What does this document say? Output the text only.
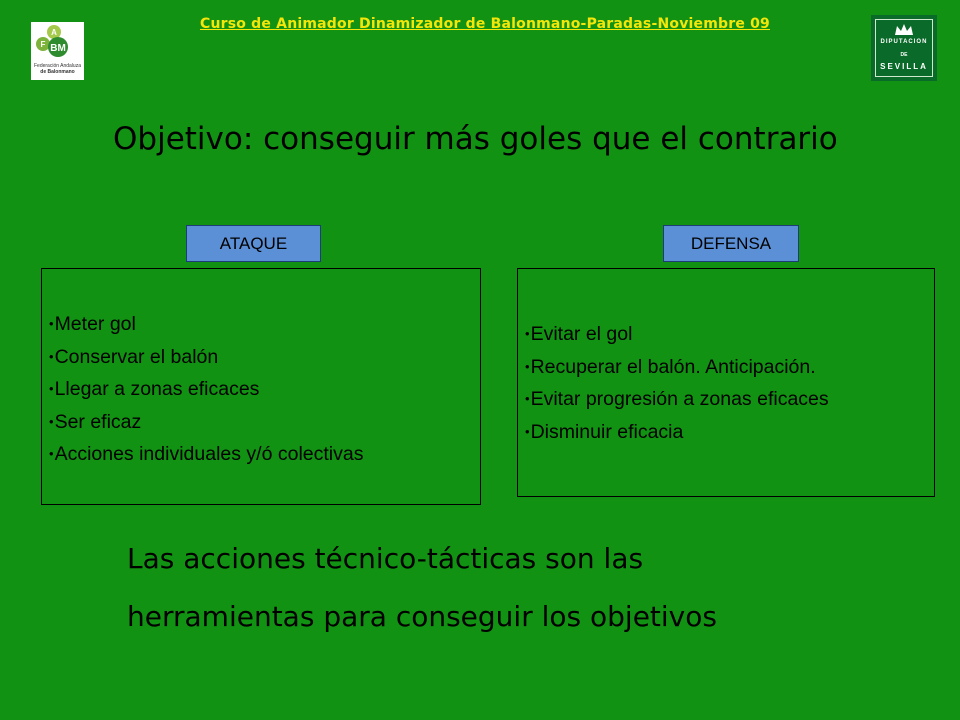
Curso de Animador Dinamizador de Balonmano-Paradas-Noviembre 09
F
A
BM
Federación Andaluza
de Balonmano
DIPUTACION
DE
SEVILLA
Objetivo: conseguir más goles que el contrario
ATAQUE	DEFENSA
• Meter gol
• Conservar el balón
• Llegar a zonas eficaces
• Ser eficaz
• Acciones individuales y/ó colectivas
• Evitar el gol
• Recuperar el balón. Anticipación.
• Evitar progresión a zonas eficaces
• Disminuir eficacia
Las acciones técnico-tácticas son las
herramientas para conseguir los objetivos
